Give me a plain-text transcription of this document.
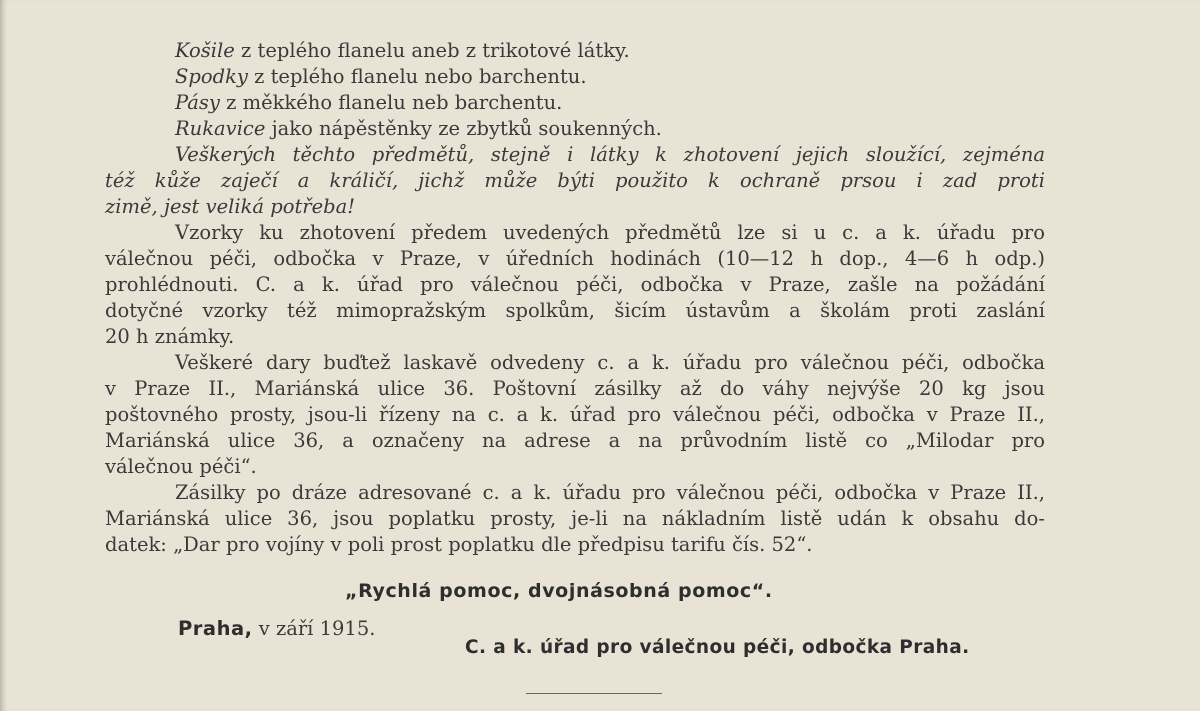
Košile z teplého flanelu aneb z trikotové látky.
Spodky z teplého flanelu nebo barchentu.
Pásy z měkkého flanelu neb barchentu.
Rukavice jako nápěstěnky ze zbytků soukenných.
Veškerých těchto předmětů, stejně i látky k zhotovení jejich sloužící, zejména
též kůže zaječí a králičí, jichž může býti použito k ochraně prsou i zad proti
zimě, jest veliká potřeba!
Vzorky ku zhotovení předem uvedených předmětů lze si u c. a k. úřadu pro
válečnou péči, odbočka v Praze, v úředních hodinách (10—12 h dop., 4—6 h odp.)
prohlédnouti. C. a k. úřad pro válečnou péči, odbočka v Praze, zašle na požádání
dotyčné vzorky též mimopražským spolkům, šicím ústavům a školám proti zaslání
20 h známky.
Veškeré dary buďtež laskavě odvedeny c. a k. úřadu pro válečnou péči, odbočka
v Praze II., Mariánská ulice 36. Poštovní zásilky až do váhy nejvýše 20 kg jsou
poštovného prosty, jsou-li řízeny na c. a k. úřad pro válečnou péči, odbočka v Praze II.,
Mariánská ulice 36, a označeny na adrese a na průvodním listě co „Milodar pro
válečnou péči“.
Zásilky po dráze adresované c. a k. úřadu pro válečnou péči, odbočka v Praze II.,
Mariánská ulice 36, jsou poplatku prosty, je-li na nákladním listě udán k obsahu do-
datek: „Dar pro vojíny v poli prost poplatku dle předpisu tarifu čís. 52“.
„Rychlá pomoc, dvojnásobná pomoc“.
Praha, v září 1915.
C. a k. úřad pro válečnou péči, odbočka Praha.
